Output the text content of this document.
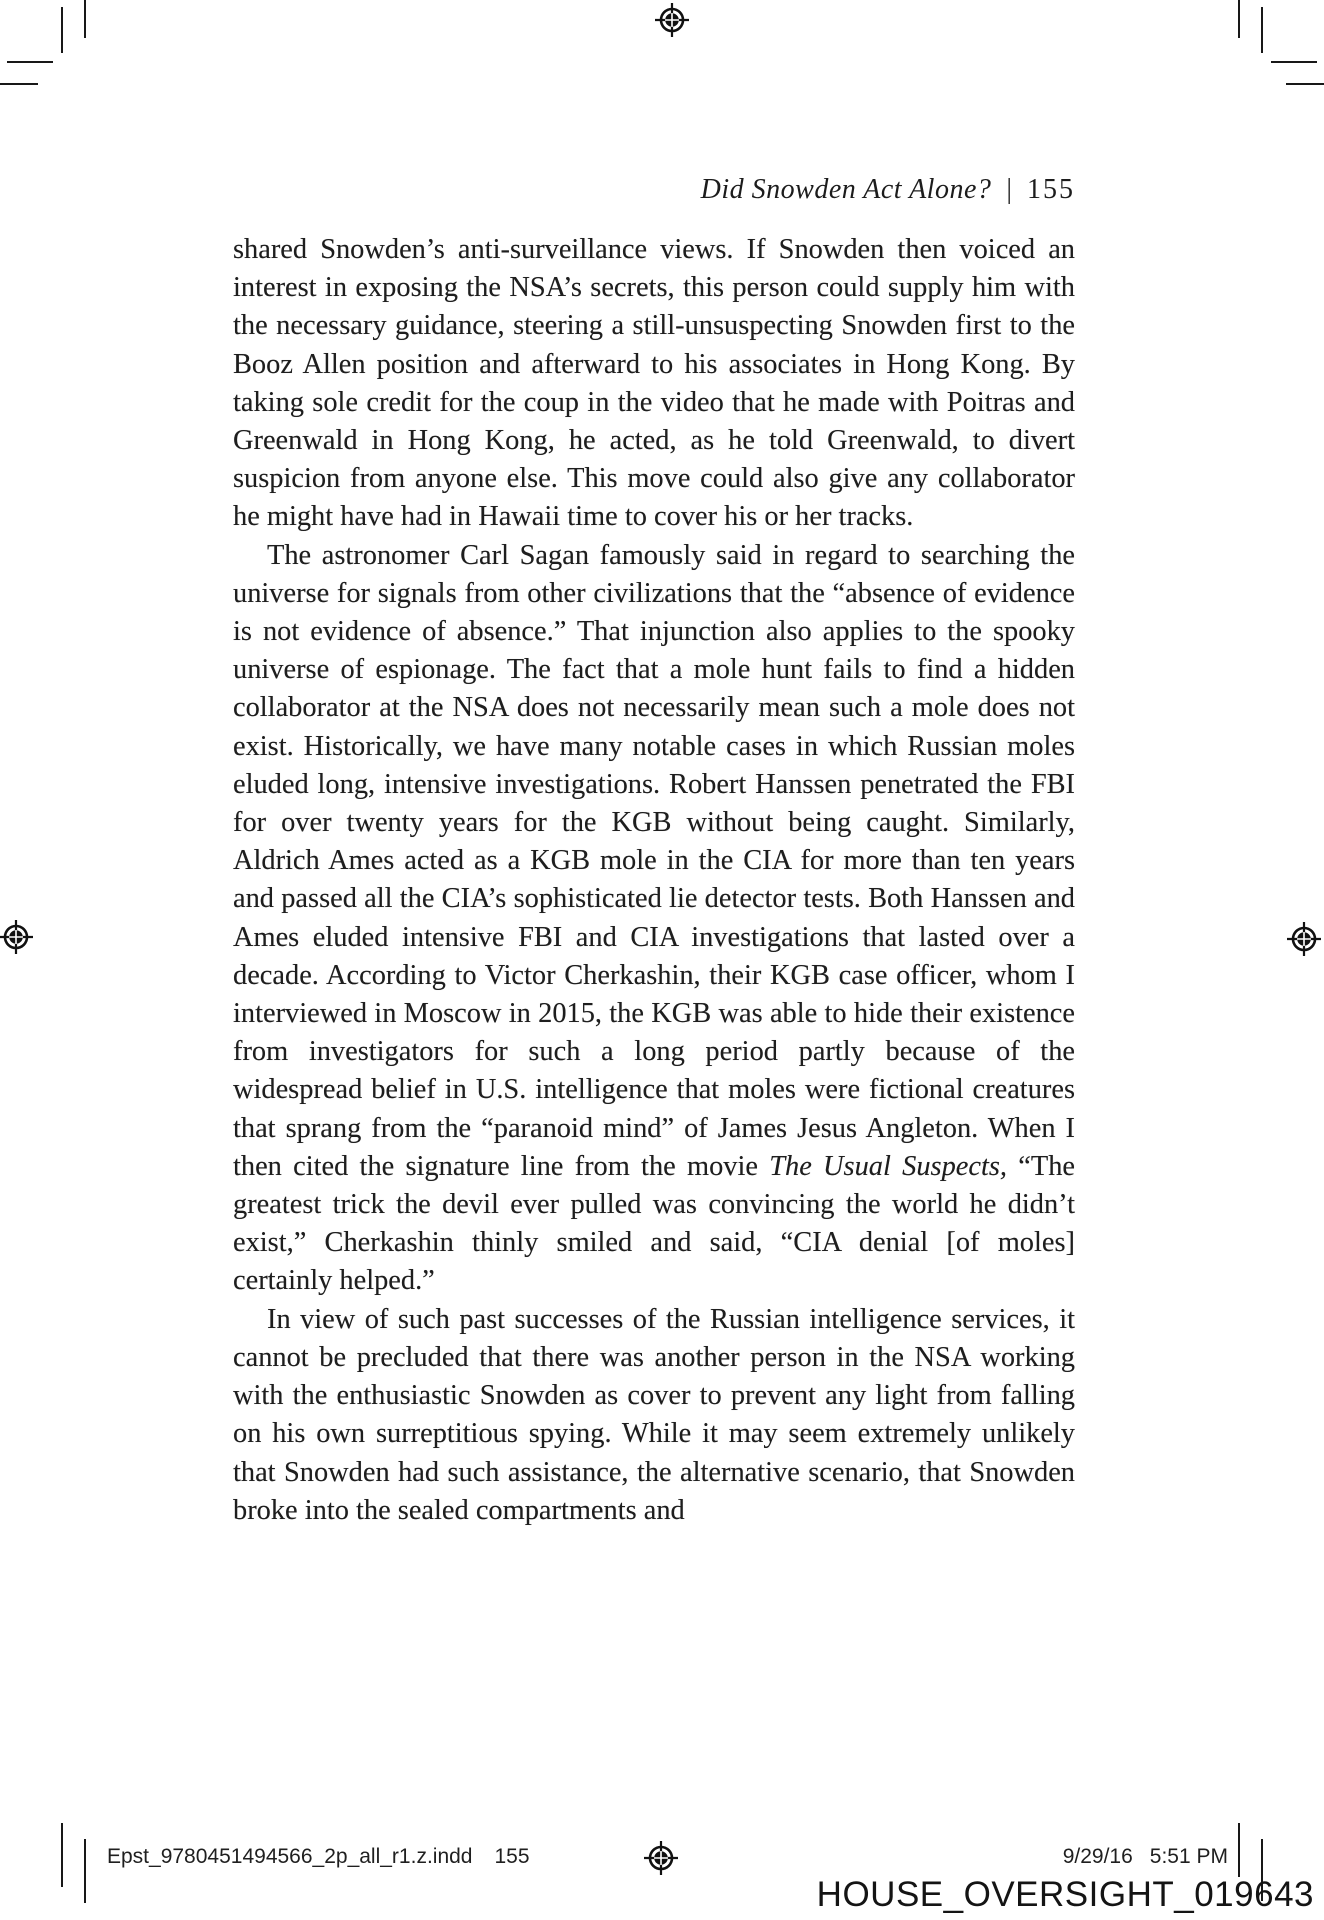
Did Snowden Act Alone? | 155

shared Snowden’s anti-surveillance views. If Snowden then voiced an interest in exposing the NSA’s secrets, this person could supply him with the necessary guidance, steering a still-unsuspecting Snowden first to the Booz Allen position and afterward to his associates in Hong Kong. By taking sole credit for the coup in the video that he made with Poitras and Greenwald in Hong Kong, he acted, as he told Greenwald, to divert suspicion from anyone else. This move could also give any collaborator he might have had in Hawaii time to cover his or her tracks.

The astronomer Carl Sagan famously said in regard to searching the universe for signals from other civilizations that the “absence of evidence is not evidence of absence.” That injunction also applies to the spooky universe of espionage. The fact that a mole hunt fails to find a hidden collaborator at the NSA does not necessarily mean such a mole does not exist. Historically, we have many notable cases in which Russian moles eluded long, intensive investigations. Robert Hanssen penetrated the FBI for over twenty years for the KGB without being caught. Similarly, Aldrich Ames acted as a KGB mole in the CIA for more than ten years and passed all the CIA’s sophisticated lie detector tests. Both Hanssen and Ames eluded intensive FBI and CIA investigations that lasted over a decade. According to Victor Cherkashin, their KGB case officer, whom I interviewed in Moscow in 2015, the KGB was able to hide their existence from investigators for such a long period partly because of the widespread belief in U.S. intelligence that moles were fictional creatures that sprang from the “paranoid mind” of James Jesus Angleton. When I then cited the signature line from the movie The Usual Suspects, “The greatest trick the devil ever pulled was convincing the world he didn’t exist,” Cherkashin thinly smiled and said, “CIA denial [of moles] certainly helped.”

In view of such past successes of the Russian intelligence services, it cannot be precluded that there was another person in the NSA working with the enthusiastic Snowden as cover to prevent any light from falling on his own surreptitious spying. While it may seem extremely unlikely that Snowden had such assistance, the alternative scenario, that Snowden broke into the sealed compartments and

Epst_9780451494566_2p_all_r1.z.indd 155	9/29/16 5:51 PM
HOUSE_OVERSIGHT_019643
